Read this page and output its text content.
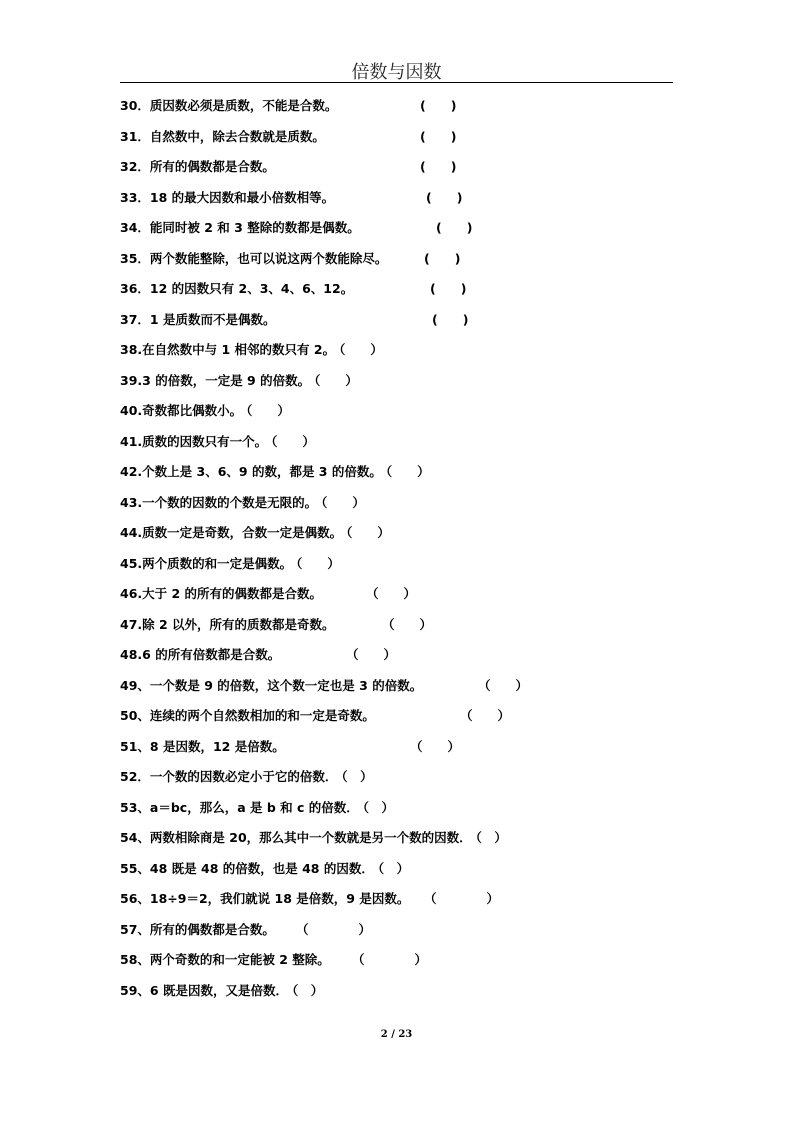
倍数与因数
30．质因数必须是质数，不能是合数。	(　　)
31．自然数中，除去合数就是质数。	(　　)
32．所有的偶数都是合数。	(　　)
33．18 的最大因数和最小倍数相等。	(　　)
34．能同时被 2 和 3 整除的数都是偶数。	(　　)
35．两个数能整除，也可以说这两个数能除尽。	(　　)
36．12 的因数只有 2、3、4、6、12。	(　　)
37．1 是质数而不是偶数。	(　　)
38.在自然数中与 1 相邻的数只有 2。 （　　）
39.3 的倍数，一定是 9 的倍数。 （　　）
40.奇数都比偶数小。 （　　）
41.质数的因数只有一个。 （　　）
42.个数上是 3、6、9 的数，都是 3 的倍数。 （　　）
43.一个数的因数的个数是无限的。 （　　）
44.质数一定是奇数，合数一定是偶数。 （　　）
45.两个质数的和一定是偶数。 （　　）
46.大于 2 的所有的偶数都是合数。	（　　）
47.除 2 以外，所有的质数都是奇数。	（　　）
48.6 的所有倍数都是合数。	（　　）
49、一个数是 9 的倍数，这个数一定也是 3 的倍数。	（　　）
50、连续的两个自然数相加的和一定是奇数。	（　　）
51、8 是因数，12 是倍数。	（　　）
52．一个数的因数必定小于它的倍数． （　）
53、a＝bc，那么，a 是 b 和 c 的倍数． （　）
54、两数相除商是 20，那么其中一个数就是另一个数的因数． （　）
55、48 既是 48 的倍数，也是 48 的因数． （　）
56、18÷9＝2，我们就说 18 是倍数，9 是因数。 （　　　　）
57、所有的偶数都是合数。 （　　　　）
58、两个奇数的和一定能被 2 整除。 （　　　　）
59、6 既是因数，又是倍数． （　）
2 / 23
